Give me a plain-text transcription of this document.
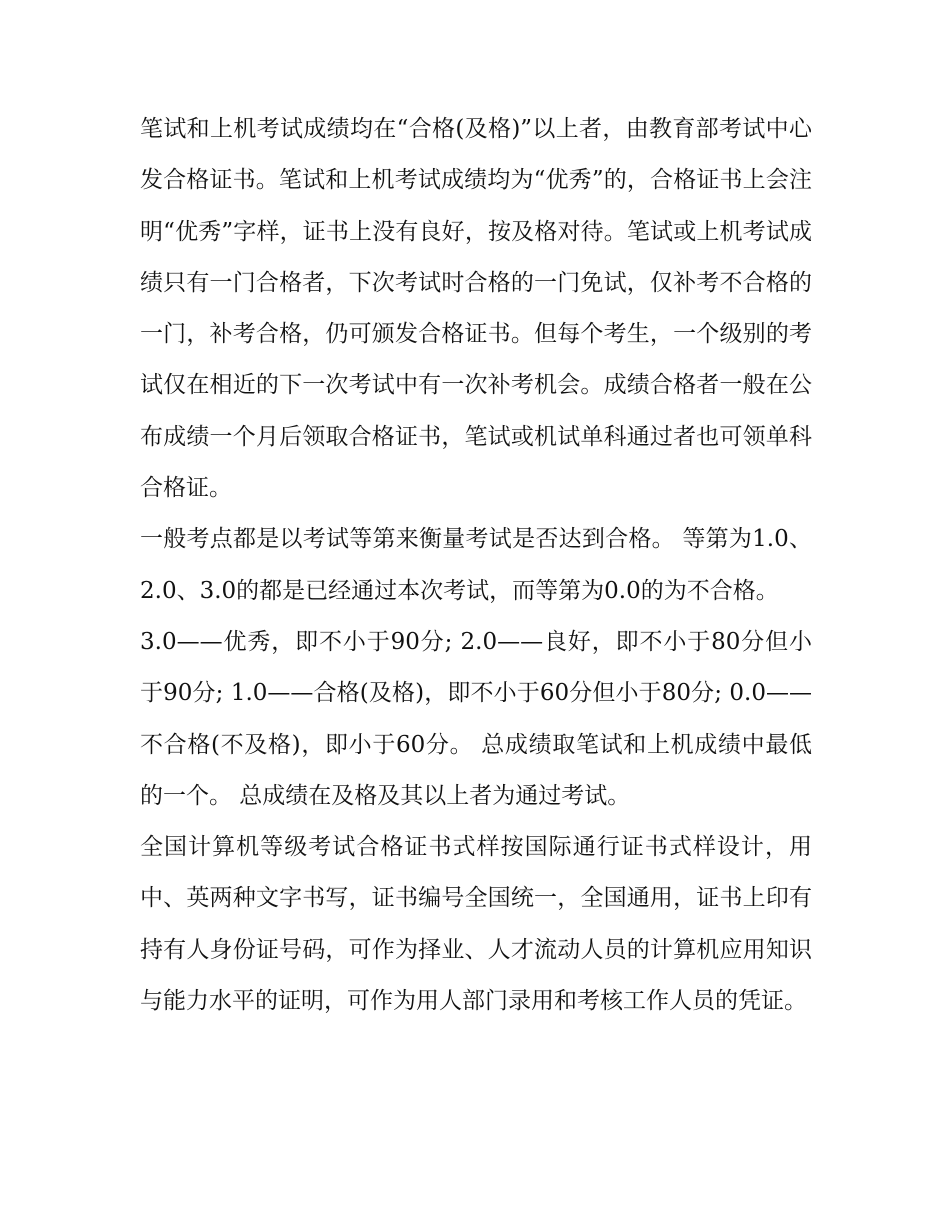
笔试和上机考试成绩均在“合格(及格)”以上者，由教育部考试中心发合格证书。笔试和上机考试成绩均为“优秀”的，合格证书上会注明“优秀”字样，证书上没有良好，按及格对待。笔试或上机考试成绩只有一门合格者，下次考试时合格的一门免试，仅补考不合格的一门，补考合格，仍可颁发合格证书。但每个考生，一个级别的考试仅在相近的下一次考试中有一次补考机会。成绩合格者一般在公布成绩一个月后领取合格证书，笔试或机试单科通过者也可领单科合格证。

一般考点都是以考试等第来衡量考试是否达到合格。 等第为1.0、2.0、3.0的都是已经通过本次考试，而等第为0.0的为不合格。

3.0——优秀，即不小于90分; 2.0——良好，即不小于80分但小于90分; 1.0——合格(及格)，即不小于60分但小于80分; 0.0——不合格(不及格)，即小于60分。 总成绩取笔试和上机成绩中最低的一个。 总成绩在及格及其以上者为通过考试。

全国计算机等级考试合格证书式样按国际通行证书式样设计，用中、英两种文字书写，证书编号全国统一，全国通用，证书上印有持有人身份证号码，可作为择业、人才流动人员的计算机应用知识与能力水平的证明，可作为用人部门录用和考核工作人员的凭证。
